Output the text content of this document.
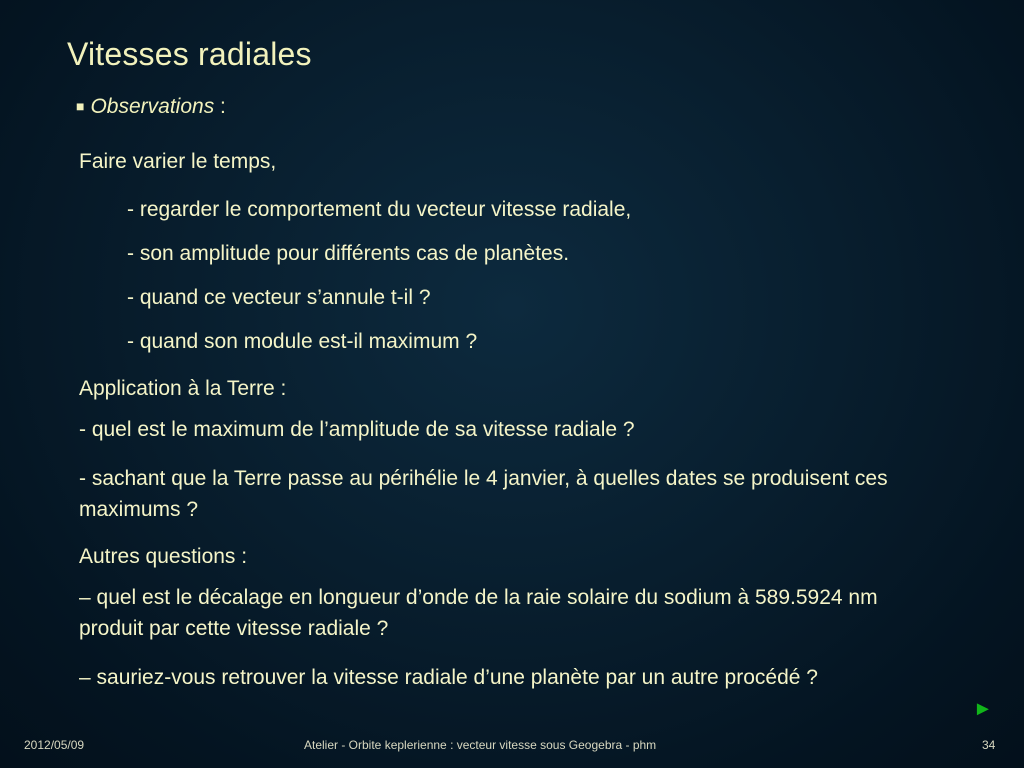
Vitesses radiales
■ Observations :
Faire varier le temps,
- regarder le comportement du vecteur vitesse radiale,
- son amplitude pour différents cas de planètes.
- quand ce vecteur s’annule t-il ?
- quand son module est-il maximum ?
Application à la Terre :
- quel est le maximum de l’amplitude de sa vitesse radiale ?
- sachant que la Terre passe au périhélie le 4 janvier, à quelles dates se produisent ces maximums ?
Autres questions :
– quel est le décalage en longueur d’onde de la raie solaire du sodium à 589.5924 nm produit par cette vitesse radiale ?
– sauriez-vous retrouver la vitesse radiale d’une planète par un autre procédé ?
►
2012/05/09	Atelier - Orbite keplerienne : vecteur vitesse sous Geogebra - phm	34
